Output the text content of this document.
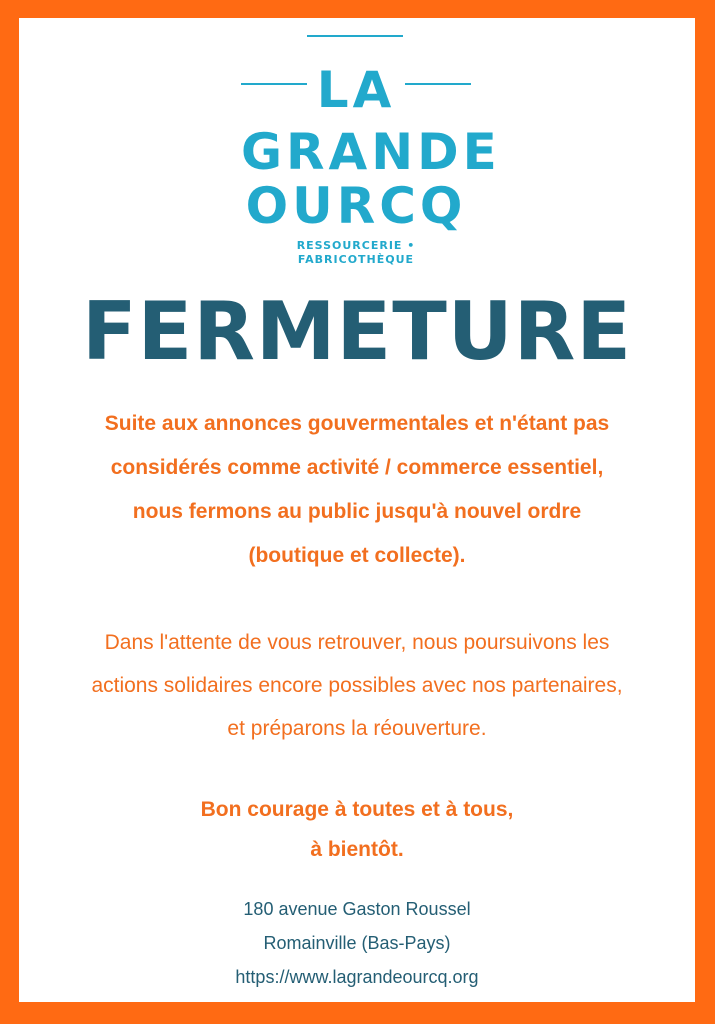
LA
GRANDE
OURCQ
RESSOURCERIE • FABRICOTHÈQUE
FERMETURE
Suite aux annonces gouvermentales et n'étant pas
considérés comme activité / commerce essentiel,
nous fermons au public jusqu'à nouvel ordre
(boutique et collecte).
Dans l'attente de vous retrouver, nous poursuivons les
actions solidaires encore possibles avec nos partenaires,
et préparons la réouverture.
Bon courage à toutes et à tous,
à bientôt.
180 avenue Gaston Roussel
Romainville (Bas-Pays)
https://www.lagrandeourcq.org
